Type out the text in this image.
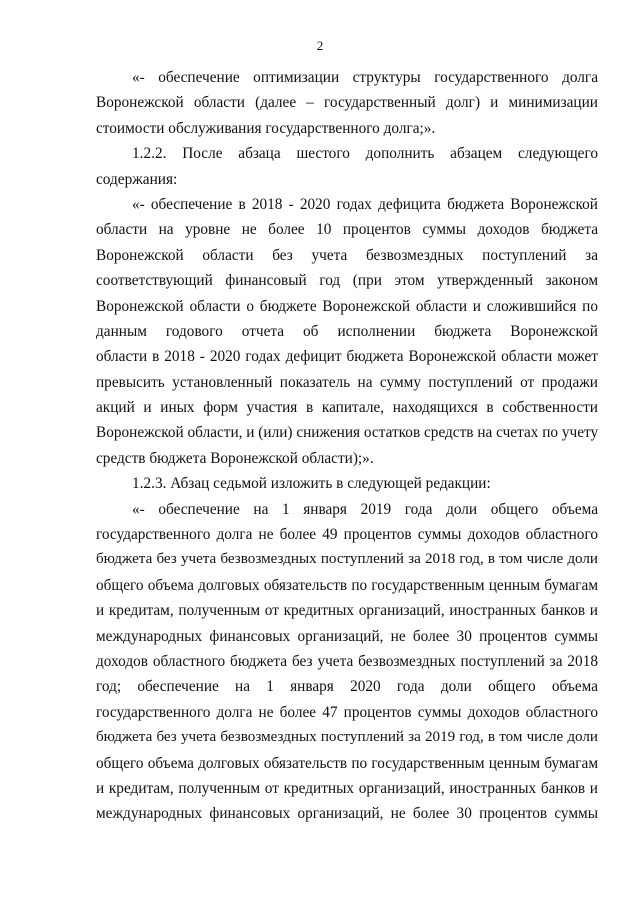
2
«- обеспечение оптимизации структуры государственного долга
Воронежской области (далее – государственный долг) и минимизации
стоимости обслуживания государственного долга;».
1.2.2. После абзаца шестого дополнить абзацем следующего
содержания:
«- обеспечение в 2018 - 2020 годах дефицита бюджета Воронежской
области на уровне не более 10 процентов суммы доходов бюджета
Воронежской области без учета безвозмездных поступлений за
соответствующий финансовый год (при этом утвержденный законом
Воронежской области о бюджете Воронежской области и сложившийся по
данным годового отчета об исполнении бюджета Воронежской
области в 2018 - 2020 годах дефицит бюджета Воронежской области может
превысить установленный показатель на сумму поступлений от продажи
акций и иных форм участия в капитале, находящихся в собственности
Воронежской области, и (или) снижения остатков средств на счетах по учету
средств бюджета Воронежской области);».
1.2.3. Абзац седьмой изложить в следующей редакции:
«- обеспечение на 1 января 2019 года доли общего объема
государственного долга не более 49 процентов суммы доходов областного
бюджета без учета безвозмездных поступлений за 2018 год, в том числе доли
общего объема долговых обязательств по государственным ценным бумагам
и кредитам, полученным от кредитных организаций, иностранных банков и
международных финансовых организаций, не более 30 процентов суммы
доходов областного бюджета без учета безвозмездных поступлений за 2018
год; обеспечение на 1 января 2020 года доли общего объема
государственного долга не более 47 процентов суммы доходов областного
бюджета без учета безвозмездных поступлений за 2019 год, в том числе доли
общего объема долговых обязательств по государственным ценным бумагам
и кредитам, полученным от кредитных организаций, иностранных банков и
международных финансовых организаций, не более 30 процентов суммы
